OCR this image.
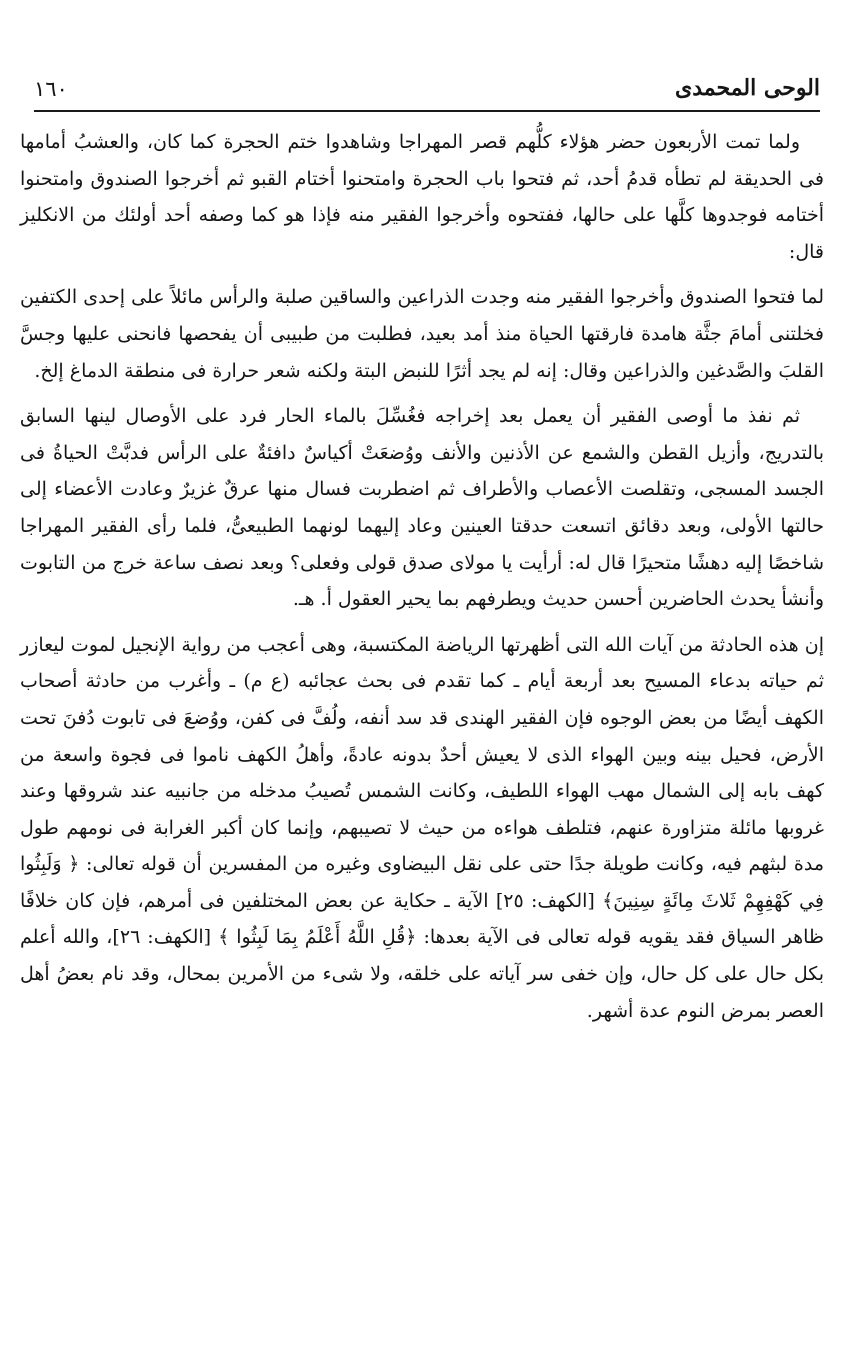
الوحى المحمدى
١٦٠

ولما تمت الأربعون حضر هؤلاء كلُّهم قصر المهراجا وشاهدوا ختم الحجرة كما كان، والعشبُ أمامها فى الحديقة لم تطأه قدمُ أحد، ثم فتحوا باب الحجرة وامتحنوا أختام القبو ثم أخرجوا الصندوق وامتحنوا أختامه فوجدوها كلَّها على حالها، ففتحوه وأخرجوا الفقير منه فإذا هو كما وصفه أحد أولئك من الانكليز قال:

لما فتحوا الصندوق وأخرجوا الفقير منه وجدت الذراعين والساقين صلبة والرأس مائلاً على إحدى الكتفين فخلتنى أمامَ جثَّة هامدة فارقتها الحياة منذ أمد بعيد، فطلبت من طبيبى أن يفحصها فانحنى عليها وجسَّ القلبَ والصَّدغين والذراعين وقال: إنه لم يجد أثرًا للنبض البتة ولكنه شعر حرارة فى منطقة الدماغ إلخ.

ثم نفذ ما أوصى الفقير أن يعمل بعد إخراجه فغُسِّلَ بالماء الحار فرد على الأوصال لينها السابق بالتدريج، وأزيل القطن والشمع عن الأذنين والأنف ووُضعَتْ أكياسٌ دافئةٌ على الرأس فدبَّتْ الحياةُ فى الجسد المسجى، وتقلصت الأعصاب والأطراف ثم اضطربت فسال منها عرقٌ غزيرٌ وعادت الأعضاء إلى حالتها الأولى، وبعد دقائق اتسعت حدقتا العينين وعاد إليهما لونهما الطبيعىُّ، فلما رأى الفقير المهراجا شاخصًا إليه دهشًا متحيرًا قال له: أرأيت يا مولاى صدق قولى وفعلى؟ وبعد نصف ساعة خرج من التابوت وأنشأ يحدث الحاضرين أحسن حديث ويطرفهم بما يحير العقول أ. هـ.

إن هذه الحادثة من آيات الله التى أظهرتها الرياضة المكتسبة، وهى أعجب من رواية الإنجيل لموت ليعازر ثم حياته بدعاء المسيح بعد أربعة أيام ـ كما تقدم فى بحث عجائبه (ع م) ـ وأغرب من حادثة أصحاب الكهف أيضًا من بعض الوجوه فإن الفقير الهندى قد سد أنفه، ولُفَّ فى كفن، ووُضعَ فى تابوت دُفنَ تحت الأرض، فحيل بينه وبين الهواء الذى لا يعيش أحدٌ بدونه عادةً، وأهلُ الكهف ناموا فى فجوة واسعة من كهف بابه إلى الشمال مهب الهواء اللطيف، وكانت الشمس تُصيبُ مدخله من جانبيه عند شروقها وعند غروبها مائلة متزاورة عنهم، فتلطف هواءه من حيث لا تصيبهم، وإنما كان أكبر الغرابة فى نومهم طول مدة لبثهم فيه، وكانت طويلة جدًا حتى على نقل البيضاوى وغيره من المفسرين أن قوله تعالى: ﴿ وَلَبِثُوا فِي كَهْفِهِمْ ثَلاثَ مِائَةٍ سِنِينَ﴾ [الكهف: ٢٥] الآية ـ حكاية عن بعض المختلفين فى أمرهم، فإن كان خلافًا ظاهر السياق فقد يقويه قوله تعالى فى الآية بعدها: ﴿قُلِ اللَّهُ أَعْلَمُ بِمَا لَبِثُوا ﴾ [الكهف: ٢٦]، والله أعلم بكل حال على كل حال، وإن خفى سر آياته على خلقه، ولا شىء من الأمرين بمحال، وقد نام بعضُ أهل العصر بمرض النوم عدة أشهر.
